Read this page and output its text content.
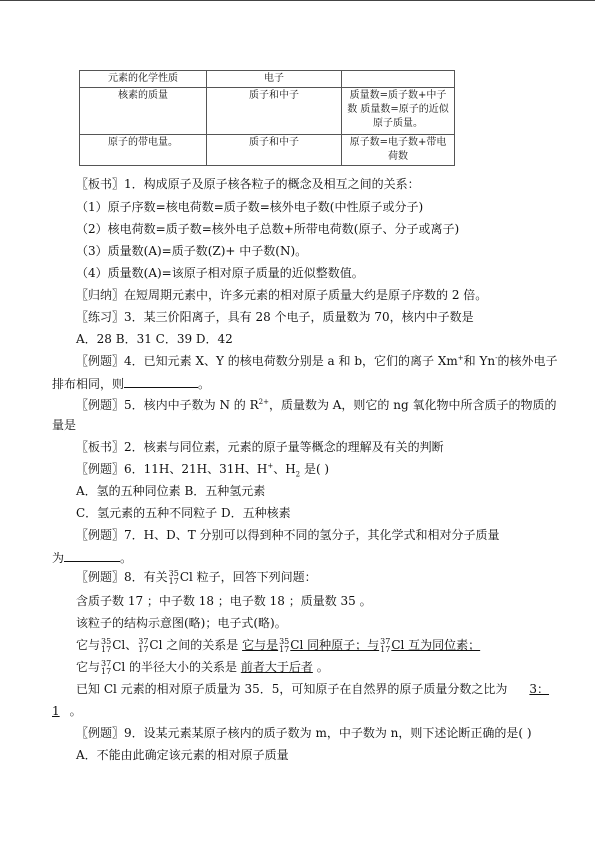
元素的化学性质	电子	
核素的质量	质子和中子	质量数=质子数+中子数 质量数=原子的近似原子质量。
原子的带电量。	质子和中子	原子数=电子数+带电荷数
〖板书〗1．构成原子及原子核各粒子的概念及相互之间的关系：
（1）原子序数=核电荷数=质子数=核外电子数(中性原子或分子)
（2）核电荷数=质子数=核外电子总数+所带电荷数(原子、分子或离子)
（3）质量数(A)=质子数(Z)+ 中子数(N)。
（4）质量数(A)=该原子相对原子质量的近似整数值。
〖归纳〗在短周期元素中，许多元素的相对原子质量大约是原子序数的 2 倍。
〖练习〗3．某三价阳离子，具有 28 个电子，质量数为 70，核内中子数是
A．28 B．31 C．39 D．42
〖例题〗4．已知元素 X、Y 的核电荷数分别是 a 和 b，它们的离子 Xm+和 Yn-的核外电子
排布相同，则	。
〖例题〗5．核内中子数为 N 的 $R^{2+}$，质量数为 A，则它的 ng 氧化物中所含质子的物质的
量是
〖板书〗2．核素与同位素，元素的原子量等概念的理解及有关的判断
〖例题〗6．11H、21H、31H、H+、$H_2$ 是( )
A．氢的五种同位素 B．五种氢元素
C．氢元素的五种不同粒子 D．五种核素
〖例题〗7．H、D、T 分别可以得到种不同的氢分子，其化学式和相对分子质量
为	。
〖例题〗8．有关 35
17 Cl 粒子，回答下列问题：
含质子数 17 ；中子数 18 ；电子数 18 ；质量数 35 。
该粒子的结构示意图(略)；电子式(略)。
它与 35
17 Cl、 37
17 Cl 之间的关系是 它与是 35
17 Cl 同种原子；与 37
17 Cl 互为同位素；
它与 37
17 Cl 的半径大小的关系是 前者大于后者 。
已知 Cl 元素的相对原子质量为 35．5，可知原子在自然界的原子质量分数之比为 3：
1 。
〖例题〗9．设某元素某原子核内的质子数为 m，中子数为 n，则下述论断正确的是( )
A．不能由此确定该元素的相对原子质量
